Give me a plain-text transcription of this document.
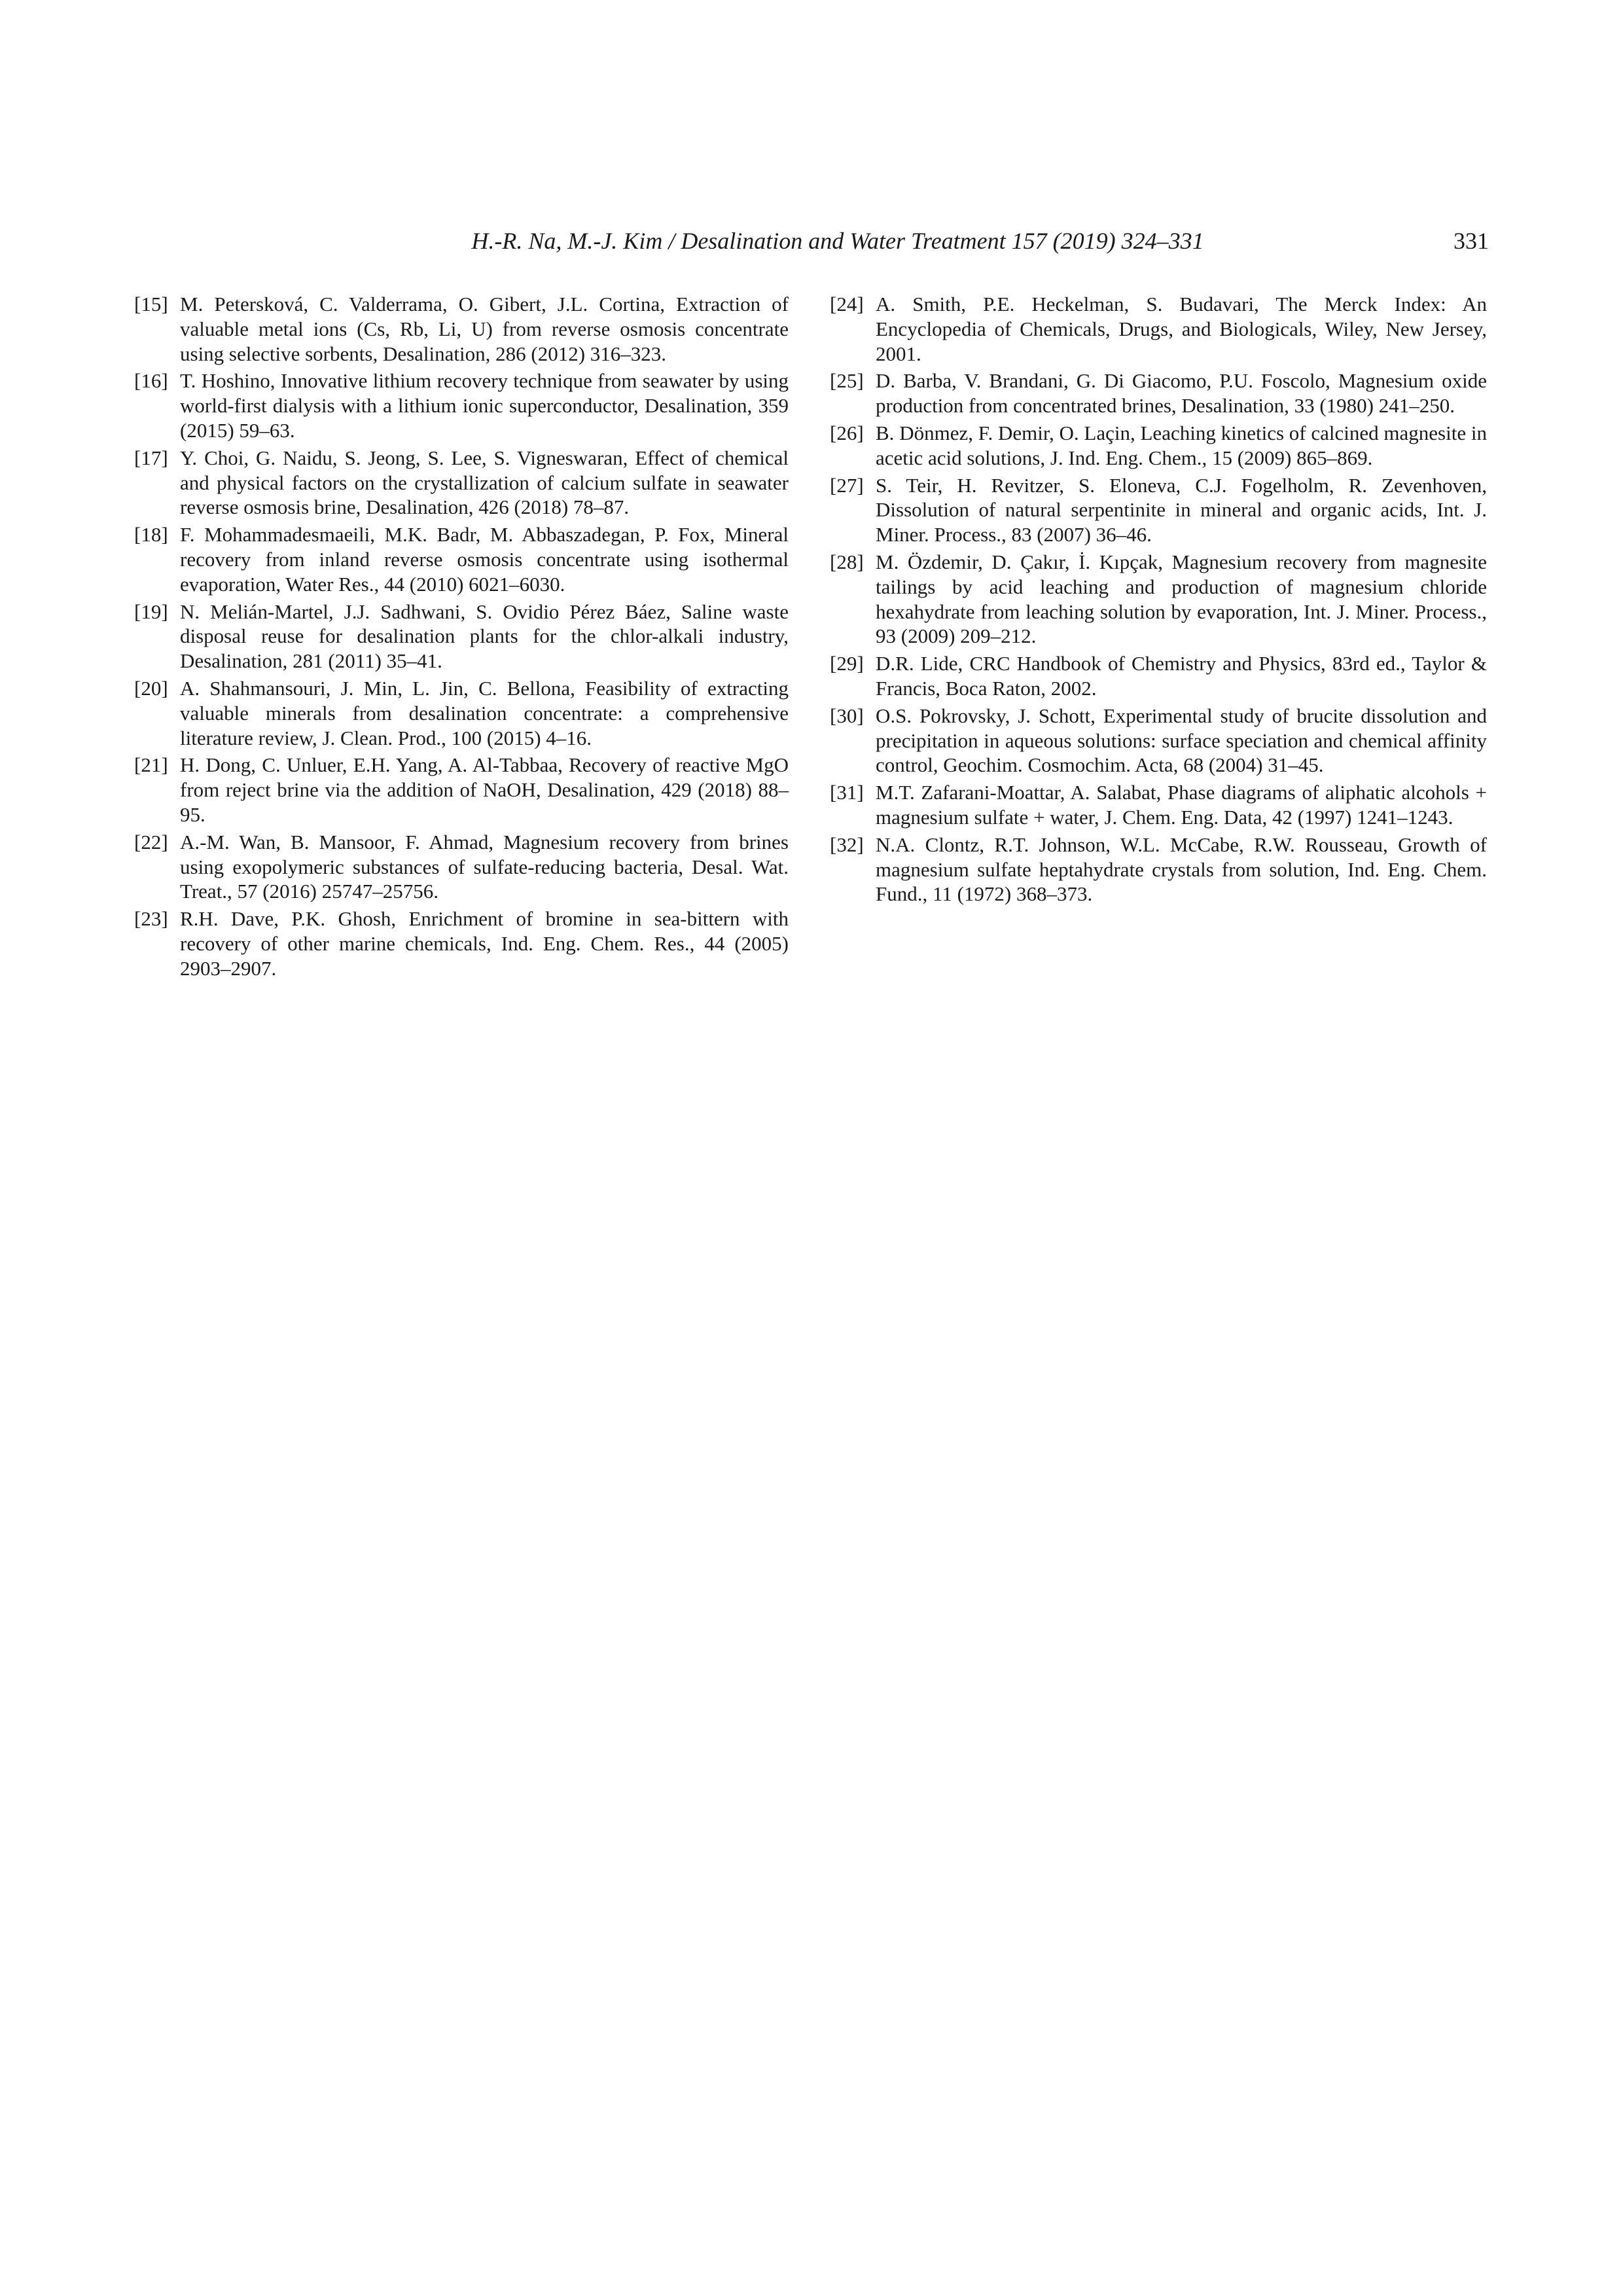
H.-R. Na, M.-J. Kim / Desalination and Water Treatment 157 (2019) 324–331	331
[15] M. Petersková, C. Valderrama, O. Gibert, J.L. Cortina, Extraction of valuable metal ions (Cs, Rb, Li, U) from reverse osmosis concentrate using selective sorbents, Desalination, 286 (2012) 316–323.
[16] T. Hoshino, Innovative lithium recovery technique from seawater by using world-first dialysis with a lithium ionic superconductor, Desalination, 359 (2015) 59–63.
[17] Y. Choi, G. Naidu, S. Jeong, S. Lee, S. Vigneswaran, Effect of chemical and physical factors on the crystallization of calcium sulfate in seawater reverse osmosis brine, Desalination, 426 (2018) 78–87.
[18] F. Mohammadesmaeili, M.K. Badr, M. Abbaszadegan, P. Fox, Mineral recovery from inland reverse osmosis concentrate using isothermal evaporation, Water Res., 44 (2010) 6021–6030.
[19] N. Melián-Martel, J.J. Sadhwani, S. Ovidio Pérez Báez, Saline waste disposal reuse for desalination plants for the chlor-alkali industry, Desalination, 281 (2011) 35–41.
[20] A. Shahmansouri, J. Min, L. Jin, C. Bellona, Feasibility of extracting valuable minerals from desalination concentrate: a comprehensive literature review, J. Clean. Prod., 100 (2015) 4–16.
[21] H. Dong, C. Unluer, E.H. Yang, A. Al-Tabbaa, Recovery of reactive MgO from reject brine via the addition of NaOH, Desalination, 429 (2018) 88–95.
[22] A.-M. Wan, B. Mansoor, F. Ahmad, Magnesium recovery from brines using exopolymeric substances of sulfate-reducing bacteria, Desal. Wat. Treat., 57 (2016) 25747–25756.
[23] R.H. Dave, P.K. Ghosh, Enrichment of bromine in sea-bittern with recovery of other marine chemicals, Ind. Eng. Chem. Res., 44 (2005) 2903–2907.
[24] A. Smith, P.E. Heckelman, S. Budavari, The Merck Index: An Encyclopedia of Chemicals, Drugs, and Biologicals, Wiley, New Jersey, 2001.
[25] D. Barba, V. Brandani, G. Di Giacomo, P.U. Foscolo, Magnesium oxide production from concentrated brines, Desalination, 33 (1980) 241–250.
[26] B. Dönmez, F. Demir, O. Laçin, Leaching kinetics of calcined magnesite in acetic acid solutions, J. Ind. Eng. Chem., 15 (2009) 865–869.
[27] S. Teir, H. Revitzer, S. Eloneva, C.J. Fogelholm, R. Zevenhoven, Dissolution of natural serpentinite in mineral and organic acids, Int. J. Miner. Process., 83 (2007) 36–46.
[28] M. Özdemir, D. Çakır, İ. Kıpçak, Magnesium recovery from magnesite tailings by acid leaching and production of magnesium chloride hexahydrate from leaching solution by evaporation, Int. J. Miner. Process., 93 (2009) 209–212.
[29] D.R. Lide, CRC Handbook of Chemistry and Physics, 83rd ed., Taylor & Francis, Boca Raton, 2002.
[30] O.S. Pokrovsky, J. Schott, Experimental study of brucite dissolution and precipitation in aqueous solutions: surface speciation and chemical affinity control, Geochim. Cosmochim. Acta, 68 (2004) 31–45.
[31] M.T. Zafarani-Moattar, A. Salabat, Phase diagrams of aliphatic alcohols + magnesium sulfate + water, J. Chem. Eng. Data, 42 (1997) 1241–1243.
[32] N.A. Clontz, R.T. Johnson, W.L. McCabe, R.W. Rousseau, Growth of magnesium sulfate heptahydrate crystals from solution, Ind. Eng. Chem. Fund., 11 (1972) 368–373.
